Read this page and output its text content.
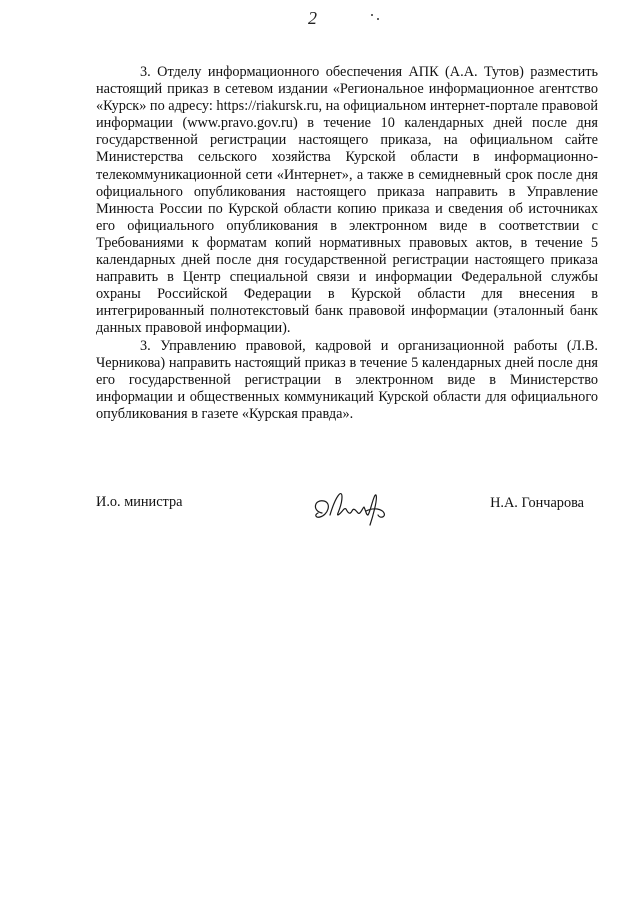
2

3. Отделу информационного обеспечения АПК (А.А. Тутов) разместить настоящий приказ в сетевом издании «Региональное информационное агентство «Курск» по адресу: https://riakursk.ru, на официальном интернет-портале правовой информации (www.pravo.gov.ru) в течение 10 календарных дней после дня государственной регистрации настоящего приказа, на официальном сайте Министерства сельского хозяйства Курской области в информационно-телекоммуникационной сети «Интернет», а также в семидневный срок после дня официального опубликования настоящего приказа направить в Управление Минюста России по Курской области копию приказа и сведения об источниках его официального опубликования в электронном виде в соответствии с Требованиями к форматам копий нормативных правовых актов, в течение 5 календарных дней после дня государственной регистрации настоящего приказа направить в Центр специальной связи и информации Федеральной службы охраны Российской Федерации в Курской области для внесения в интегрированный полнотекстовый банк правовой информации (эталонный банк данных правовой информации).

3. Управлению правовой, кадровой и организационной работы (Л.В. Черникова) направить настоящий приказ в течение 5 календарных дней после дня его государственной регистрации в электронном виде в Министерство информации и общественных коммуникаций Курской области для официального опубликования в газете «Курская правда».

И.о. министра	Н.А. Гончарова
